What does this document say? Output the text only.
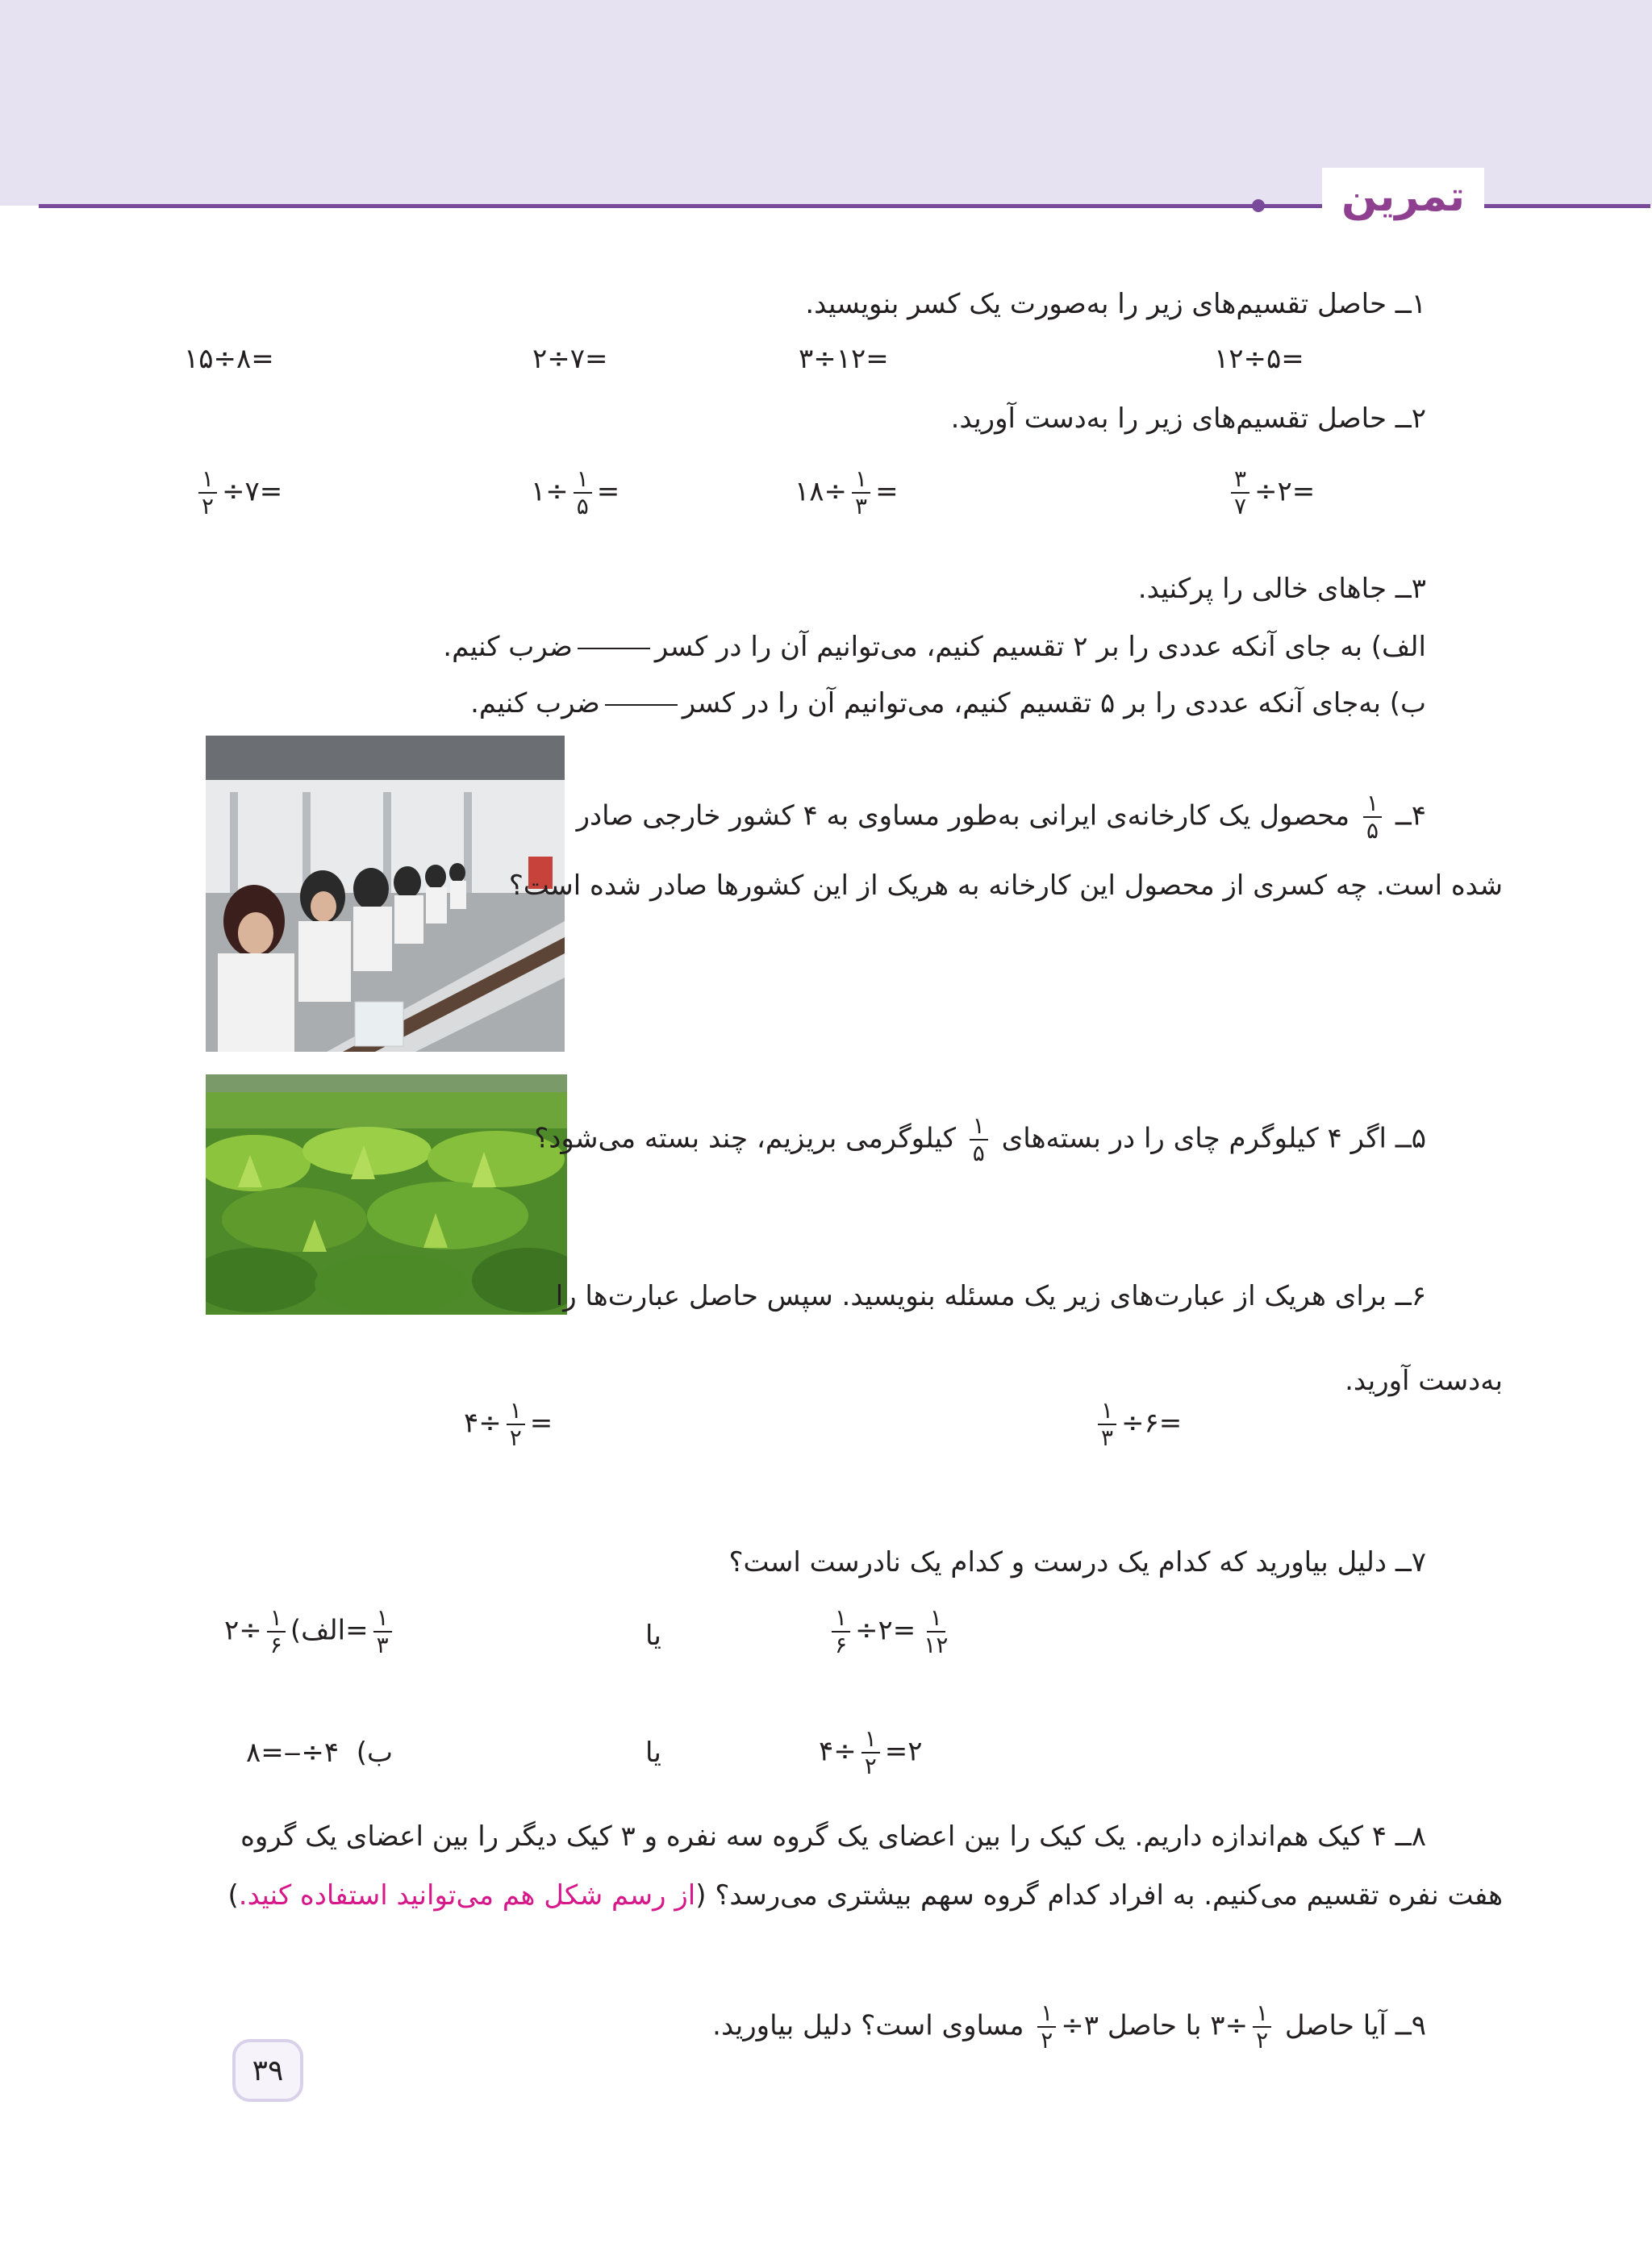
تمرین
۱ــ حاصل تقسیم‌های زیر را به‌صورت یک کسر بنویسید.
۱۲÷۵=
۳÷۱۲=
۲÷۷=
۱۵÷۸=
۲ــ حاصل تقسیم‌های زیر را به‌دست آورید.
$\frac{۳}{۷}$ ÷۲=
۱۸÷ $\frac{۱}{۳}$ =
۱÷ $\frac{۱}{۵}$ =
$\frac{۱}{۲}$ ÷۷=
۳ــ جاهای خالی را پرکنید.
الف) به جای آنکه عددی را بر ۲ تقسیم کنیم، می‌توانیم آن را در کسرضرب کنیم.
ب) به‌جای آنکه عددی را بر ۵ تقسیم کنیم، می‌توانیم آن را در کسرضرب کنیم.
۴ــ
$\frac{۱}{۵}$
محصول یک کارخانه‌ی ایرانی به‌طور مساوی به ۴ کشور خارجی صادر
شده است. چه کسری از محصول این کارخانه به هریک از این کشورها صادر شده است؟
۵ــ اگر ۴ کیلوگرم چای را در بسته‌های
$\frac{۱}{۵}$
کیلوگرمی بریزیم، چند بسته می‌شود؟
۶ــ برای هریک از عبارت‌های زیر یک مسئله بنویسید. سپس حاصل عبارت‌ها را
به‌دست آورید.
$\frac{۱}{۳}$ ÷۶=
۴÷ $\frac{۱}{۲}$ =
۷ــ دلیل بیاورید که کدام یک درست و کدام یک نادرست است؟
$\frac{۱}{۶}$ ÷۲= $\frac{۱}{۱۲}$
یا
الف)
$\frac{۱}{۶}$
÷۲= $\frac{۱}{۳}$
۴÷ $\frac{۱}{۲}$ =۲
یا
ب)  ۴÷‒=۸
۸ــ ۴ کیک هم‌اندازه داریم. یک کیک را بین اعضای یک گروه سه نفره و ۳ کیک دیگر را بین اعضای یک گروه
هفت نفره تقسیم می‌کنیم. به افراد کدام گروه سهم بیشتری می‌رسد؟ (از رسم شکل هم می‌توانید استفاده کنید.)
۹ــ آیا حاصل
$\frac{۱}{۲}$
÷۳ با حاصل ۳÷
$\frac{۱}{۲}$
مساوی است؟ دلیل بیاورید.
۳۹
